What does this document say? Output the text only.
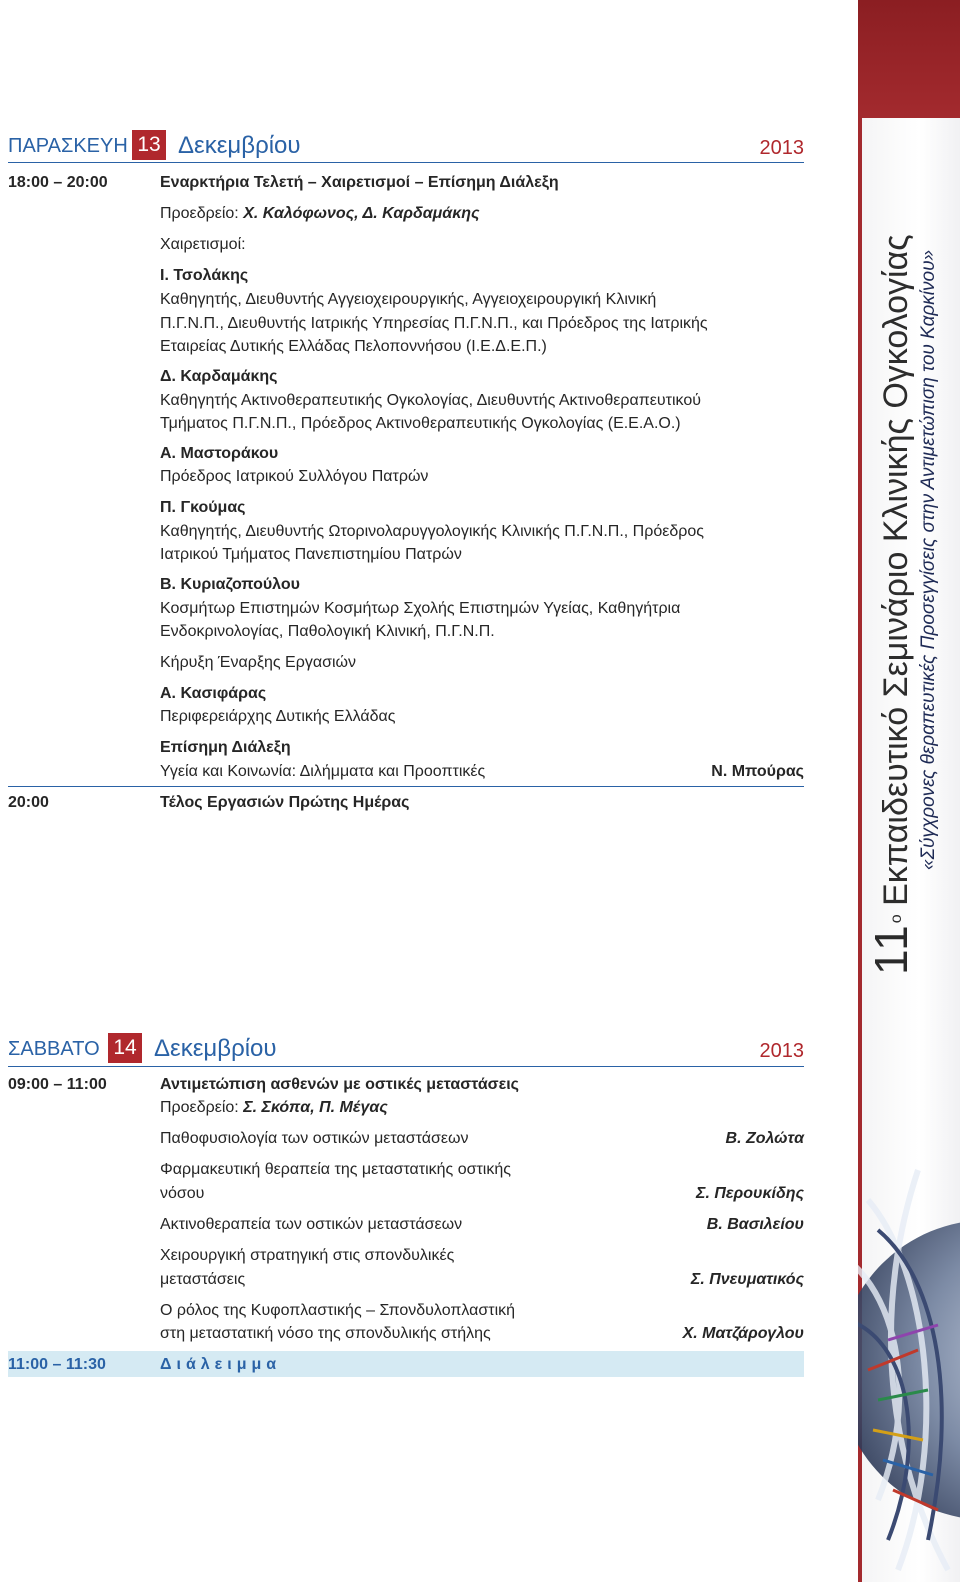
11ο Εκπαιδευτικό Σεμινάριο Κλινικής Ογκολογίας «Σύγχρονες θεραπευτικές Προσεγγίσεις στην Αντιμετώπιση του Καρκίνου»
ΠΑΡΑΣΚΕΥΗ 13 Δεκεμβρίου	2013
18:00 – 20:00	Εναρκτήρια Τελετή – Χαιρετισμοί – Επίσημη Διάλεξη
Προεδρείο: Χ. Καλόφωνος, Δ. Καρδαμάκης
Χαιρετισμοί:
Ι. Τσολάκης
Καθηγητής, Διευθυντής Αγγειοχειρουργικής, Αγγειοχειρουργική Κλινική
Π.Γ.Ν.Π., Διευθυντής Ιατρικής Υπηρεσίας Π.Γ.Ν.Π., και Πρόεδρος της Ιατρικής
Εταιρείας Δυτικής Ελλάδας Πελοποννήσου (Ι.Ε.Δ.Ε.Π.)
Δ. Καρδαμάκης
Καθηγητής Ακτινοθεραπευτικής Ογκολογίας, Διευθυντής Ακτινοθεραπευτικού
Τμήματος Π.Γ.Ν.Π., Πρόεδρος Ακτινοθεραπευτικής Ογκολογίας (Ε.Ε.Α.Ο.)
Α. Μαστοράκου
Πρόεδρος Ιατρικού Συλλόγου Πατρών
Π. Γκούμας
Καθηγητής, Διευθυντής Ωτορινολαρυγγολογικής Κλινικής Π.Γ.Ν.Π., Πρόεδρος
Ιατρικού Τμήματος Πανεπιστημίου Πατρών
Β. Κυριαζοπούλου
Κοσμήτωρ Επιστημών Κοσμήτωρ Σχολής Επιστημών Υγείας, Καθηγήτρια
Ενδοκρινολογίας, Παθολογική Κλινική, Π.Γ.Ν.Π.
Κήρυξη Έναρξης Εργασιών
Α. Κασιφάρας
Περιφερειάρχης Δυτικής Ελλάδας
Επίσημη Διάλεξη
Υγεία και Κοινωνία: Διλήμματα και Προοπτικές	Ν. Μπούρας
20:00	Τέλος Εργασιών Πρώτης Ημέρας
ΣΑΒΒΑΤΟ 14 Δεκεμβρίου	2013
09:00 – 11:00	Αντιμετώπιση ασθενών με οστικές μεταστάσεις
Προεδρείο: Σ. Σκόπα, Π. Μέγας
Παθοφυσιολογία των οστικών μεταστάσεων	Β. Ζολώτα
Φαρμακευτική θεραπεία της μεταστατικής οστικής
νόσου	Σ. Περουκίδης
Ακτινοθεραπεία των οστικών μεταστάσεων	Β. Βασιλείου
Χειρουργική στρατηγική στις σπονδυλικές
μεταστάσεις	Σ. Πνευματικός
Ο ρόλος της Κυφοπλαστικής – Σπονδυλοπλαστική
στη μεταστατική νόσο της σπονδυλικής στήλης	Χ. Ματζάρογλου
11:00 – 11:30	Διάλειμμα
